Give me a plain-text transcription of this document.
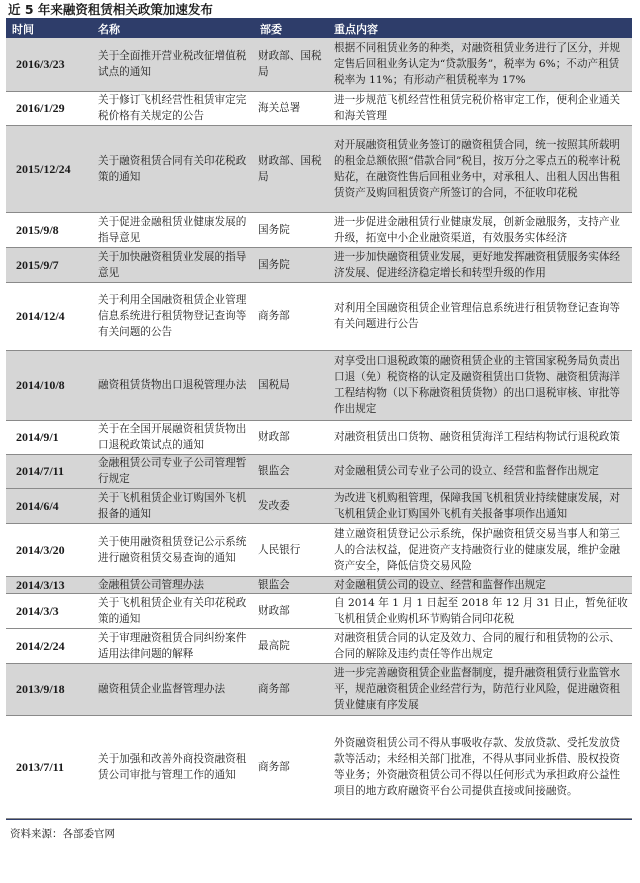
近 5 年来融资租赁相关政策加速发布
时间	名称	部委	重点内容
2016/3/23	关于全面推开营业税改征增值税试点的通知	财政部、国税局	根据不同租赁业务的种类，对融资租赁业务进行了区分，并规定售后回租业务认定为“贷款服务”，税率为 6%；不动产租赁税率为 11%；有形动产租赁税率为 17%
2016/1/29	关于修订飞机经营性租赁审定完税价格有关规定的公告	海关总署	进一步规范飞机经营性租赁完税价格审定工作，便利企业通关和海关管理
2015/12/24	关于融资租赁合同有关印花税政策的通知	财政部、国税局	对开展融资租赁业务签订的融资租赁合同，统一按照其所载明的租金总额依照“借款合同”税目，按万分之零点五的税率计税贴花，在融资性售后回租业务中，对承租人、出租人因出售租赁资产及购回租赁资产所签订的合同，不征收印花税
2015/9/8	关于促进金融租赁业健康发展的指导意见	国务院	进一步促进金融租赁行业健康发展，创新金融服务，支持产业升级，拓宽中小企业融资渠道，有效服务实体经济
2015/9/7	关于加快融资租赁业发展的指导意见	国务院	进一步加快融资租赁业发展，更好地发挥融资租赁服务实体经济发展、促进经济稳定增长和转型升级的作用
2014/12/4	关于利用全国融资租赁企业管理信息系统进行租赁物登记查询等有关问题的公告	商务部	对利用全国融资租赁企业管理信息系统进行租赁物登记查询等有关问题进行公告
2014/10/8	融资租赁货物出口退税管理办法	国税局	对享受出口退税政策的融资租赁企业的主管国家税务局负责出口退（免）税资格的认定及融资租赁出口货物、融资租赁海洋工程结构物（以下称融资租赁货物）的出口退税审核、审批等作出规定
2014/9/1	关于在全国开展融资租赁货物出口退税政策试点的通知	财政部	对融资租赁出口货物、融资租赁海洋工程结构物试行退税政策
2014/7/11	金融租赁公司专业子公司管理暂行规定	银监会	对金融租赁公司专业子公司的设立、经营和监督作出规定
2014/6/4	关于飞机租赁企业订购国外飞机报备的通知	发改委	为改进飞机购租管理，保障我国飞机租赁业持续健康发展，对飞机租赁企业订购国外飞机有关报备事项作出通知
2014/3/20	关于使用融资租赁登记公示系统进行融资租赁交易查询的通知	人民银行	建立融资租赁登记公示系统，保护融资租赁交易当事人和第三人的合法权益，促进资产支持融资行业的健康发展，维护金融资产安全，降低信贷交易风险
2014/3/13	金融租赁公司管理办法	银监会	对金融租赁公司的设立、经营和监督作出规定
2014/3/3	关于飞机租赁企业有关印花税政策的通知	财政部	自 2014 年 1 月 1 日起至 2018 年 12 月 31 日止，暂免征收飞机租赁企业购机环节购销合同印花税
2014/2/24	关于审理融资租赁合同纠纷案件适用法律问题的解释	最高院	对融资租赁合同的认定及效力、合同的履行和租赁物的公示、合同的解除及违约责任等作出规定
2013/9/18	融资租赁企业监督管理办法	商务部	进一步完善融资租赁企业监督制度，提升融资租赁行业监管水平，规范融资租赁企业经营行为，防范行业风险，促进融资租赁业健康有序发展
2013/7/11	关于加强和改善外商投资融资租赁公司审批与管理工作的通知	商务部	外资融资租赁公司不得从事吸收存款、发放贷款、受托发放贷款等活动；未经相关部门批准，不得从事同业拆借、股权投资等业务；外资融资租赁公司不得以任何形式为承担政府公益性项目的地方政府融资平台公司提供直接或间接融资。
资料来源：各部委官网
